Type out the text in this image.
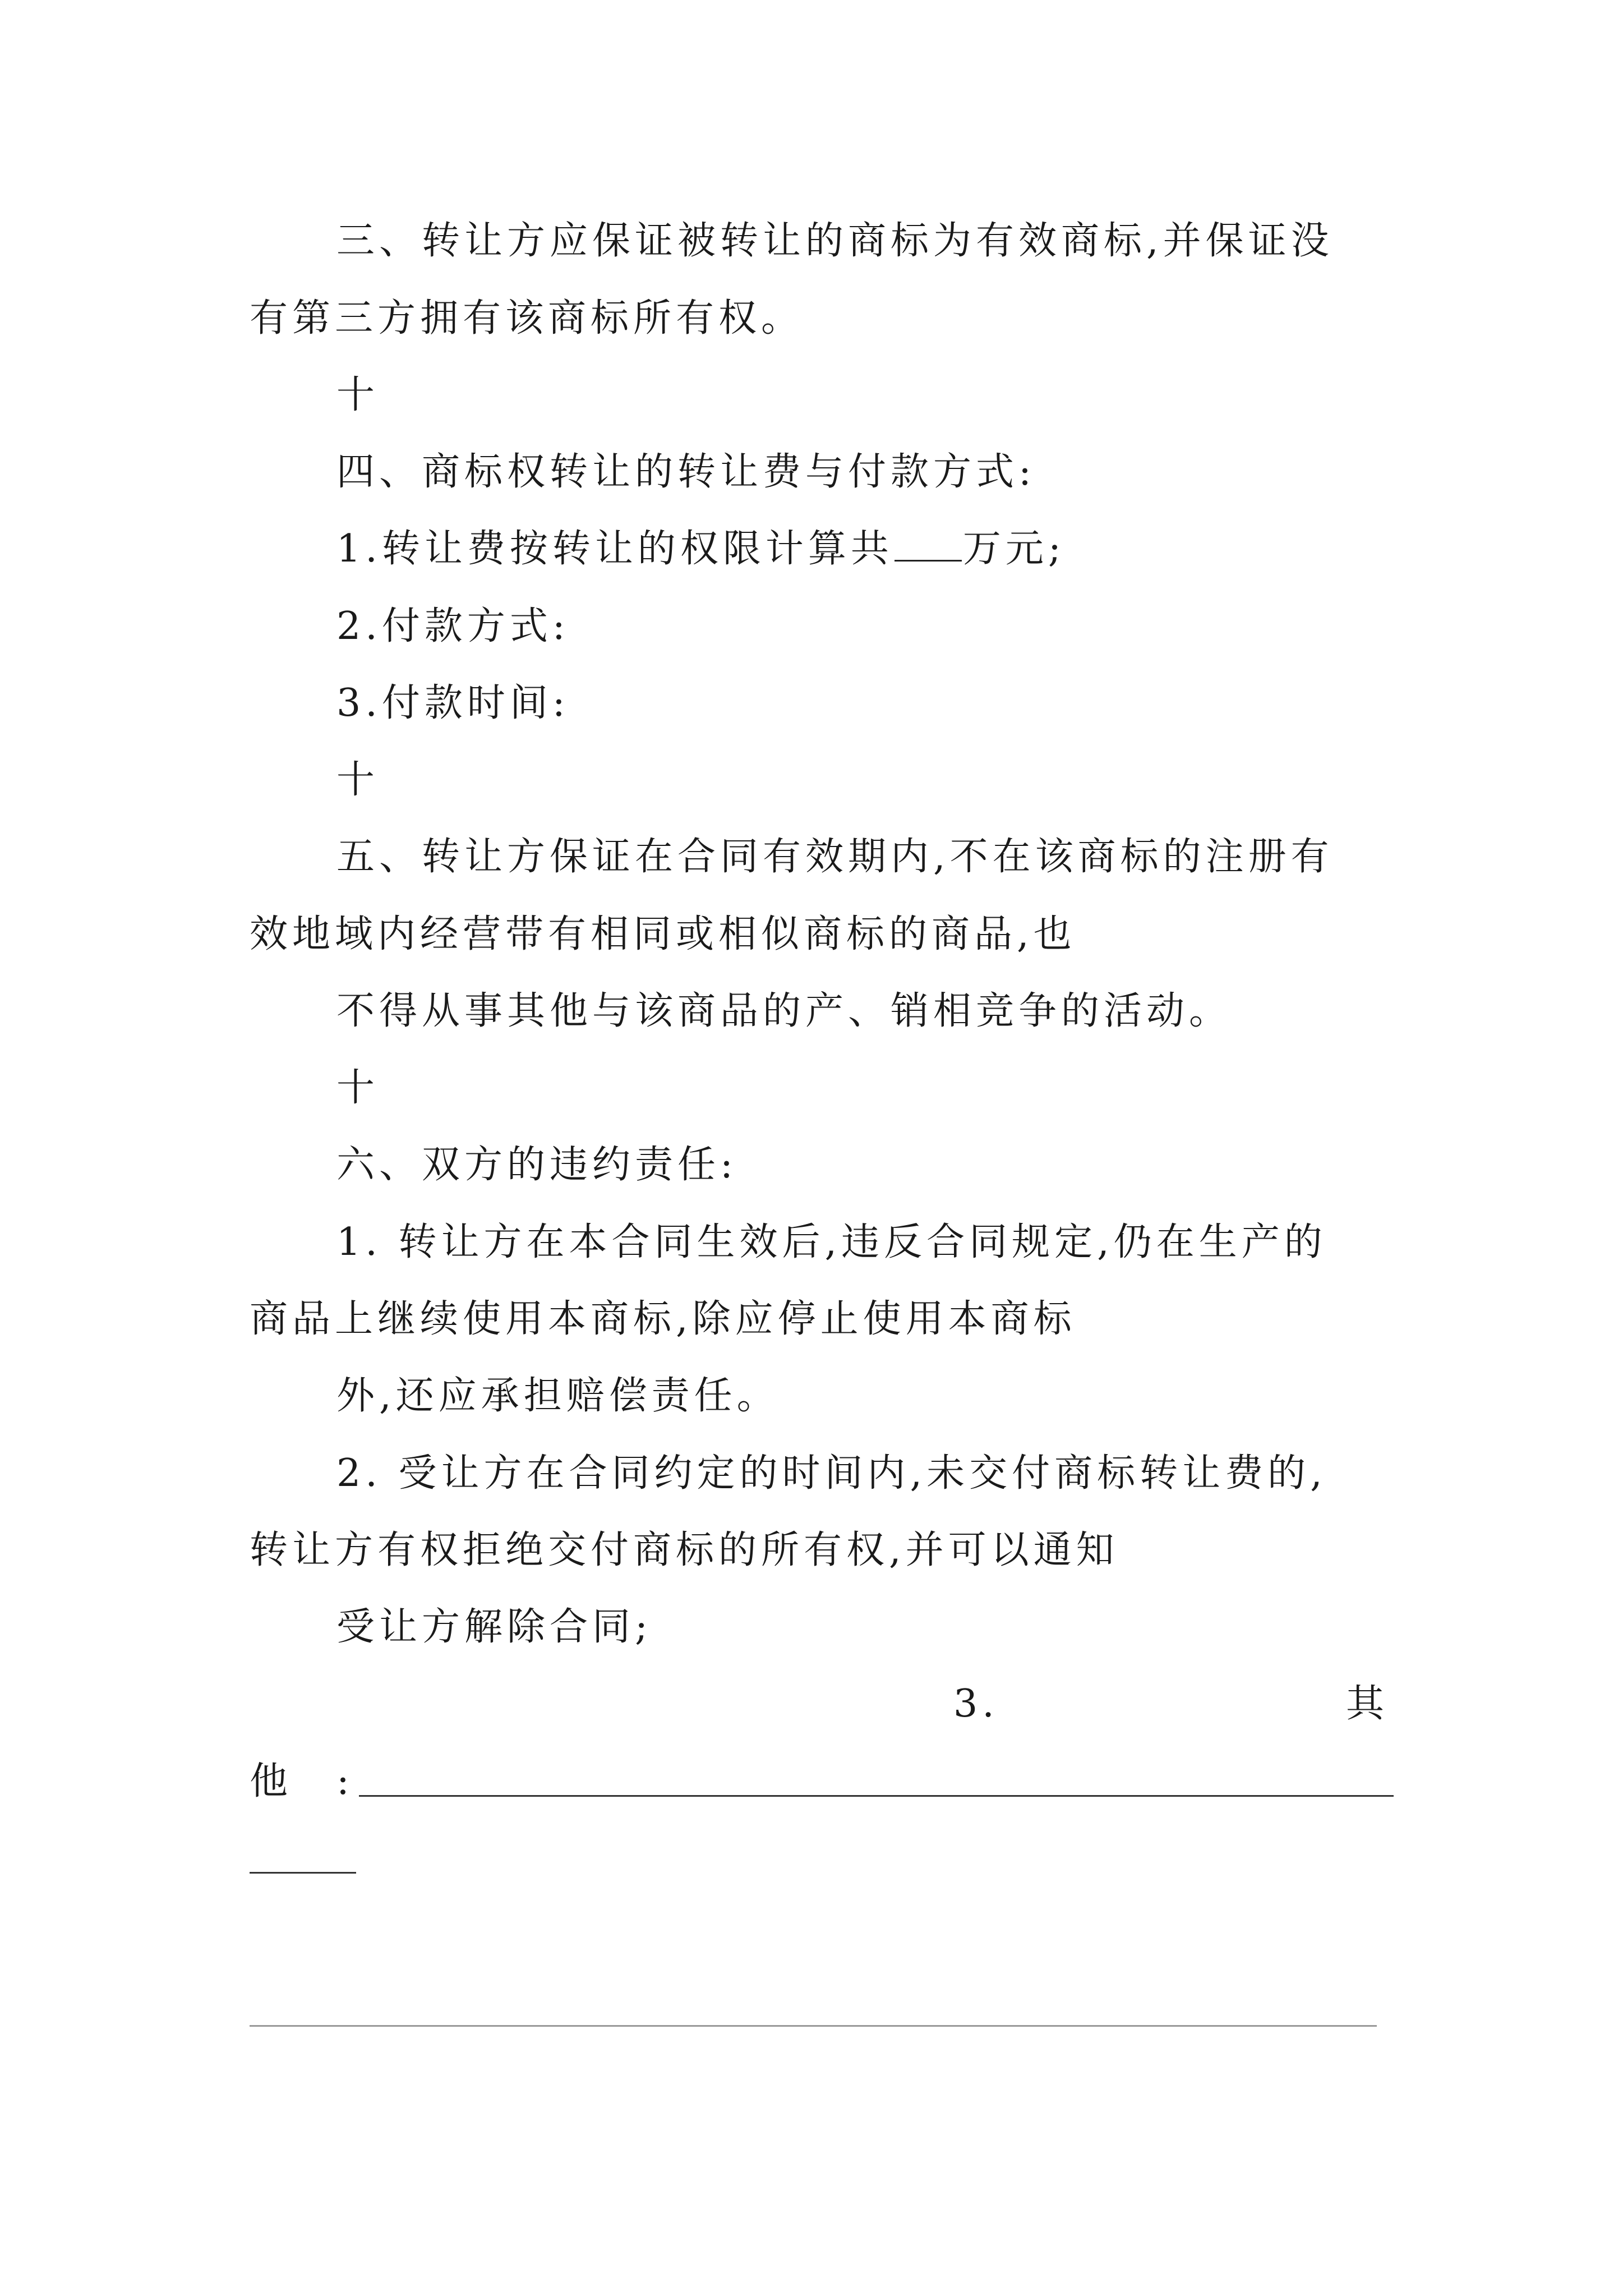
三、转让方应保证被转让的商标为有效商标,并保证没
有第三方拥有该商标所有权。
十
四、商标权转让的转让费与付款方式:
1.转让费按转让的权限计算共 万元;
2.付款方式:
3.付款时间:
十
五、转让方保证在合同有效期内,不在该商标的注册有
效地域内经营带有相同或相似商标的商品,也
不得从事其他与该商品的产、销相竞争的活动。
十
六、双方的违约责任:
1. 转让方在本合同生效后,违反合同规定,仍在生产的
商品上继续使用本商标,除应停止使用本商标
外,还应承担赔偿责任。
2. 受让方在合同约定的时间内,未交付商标转让费的,
转让方有权拒绝交付商标的所有权,并可以通知
受让方解除合同;
3.	其
他 :
